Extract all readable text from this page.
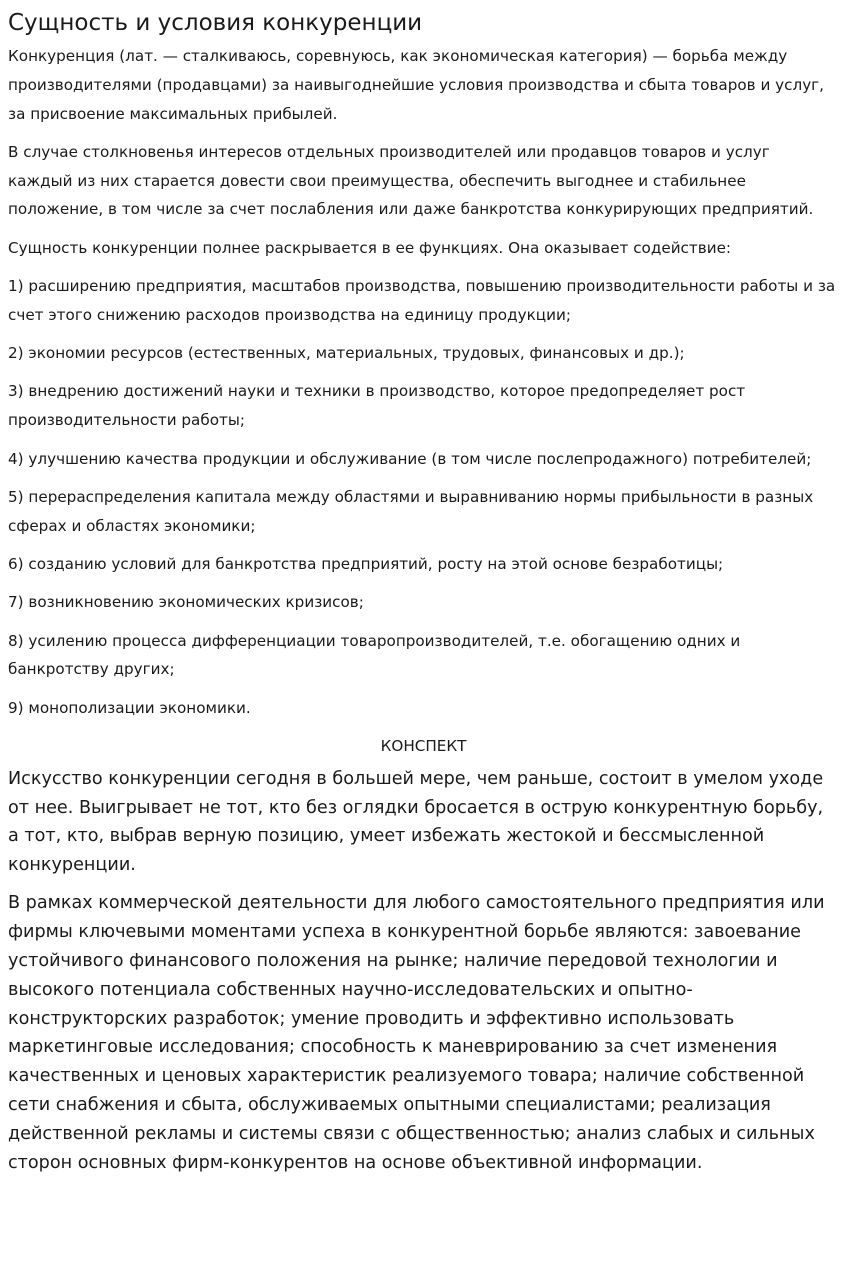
Сущность и условия конкуренции

Конкуренция (лат. — сталкиваюсь, соревнуюсь, как экономическая категория) — борьба между производителями (продавцами) за наивыгоднейшие условия производства и сбыта товаров и услуг, за присвоение максимальных прибылей.

В случае столкновенья интересов отдельных производителей или продавцов товаров и услуг каждый из них старается довести свои преимущества, обеспечить выгоднее и стабильнее положение, в том числе за счет послабления или даже банкротства конкурирующих предприятий.

Сущность конкуренции полнее раскрывается в ее функциях. Она оказывает содействие:

1) расширению предприятия, масштабов производства, повышению производительности работы и за счет этого снижению расходов производства на единицу продукции;

2) экономии ресурсов (естественных, материальных, трудовых, финансовых и др.);

3) внедрению достижений науки и техники в производство, которое предопределяет рост производительности работы;

4) улучшению качества продукции и обслуживание (в том числе послепродажного) потребителей;

5) перераспределения капитала между областями и выравниванию нормы прибыльности в разных сферах и областях экономики;

6) созданию условий для банкротства предприятий, росту на этой основе безработицы;

7) возникновению экономических кризисов;

8) усилению процесса дифференциации товаропроизводителей, т.е. обогащению одних и банкротству других;

9) монополизации экономики.

КОНСПЕКТ

Искусство конкуренции сегодня в большей мере, чем раньше, состоит в умелом уходе от нее. Выигрывает не тот, кто без оглядки бросается в острую конкурентную борьбу, а тот, кто, выбрав верную позицию, умеет избежать жестокой и бессмысленной конкуренции.

В рамках коммерческой деятельности для любого самостоятельного предприятия или фирмы ключевыми моментами успеха в конкурентной борьбе являются: завоевание устойчивого финансового положения на рынке; наличие передовой технологии и высокого потенциала собственных научно-исследовательских и опытно-конструкторских разработок; умение проводить и эффективно использовать маркетинговые исследования; способность к маневрированию за счет изменения качественных и ценовых характеристик реализуемого товара; наличие собственной сети снабжения и сбыта, обслуживаемых опытными специалистами; реализация действенной рекламы и системы связи с общественностью; анализ слабых и сильных сторон основных фирм-конкурентов на основе объективной информации.
